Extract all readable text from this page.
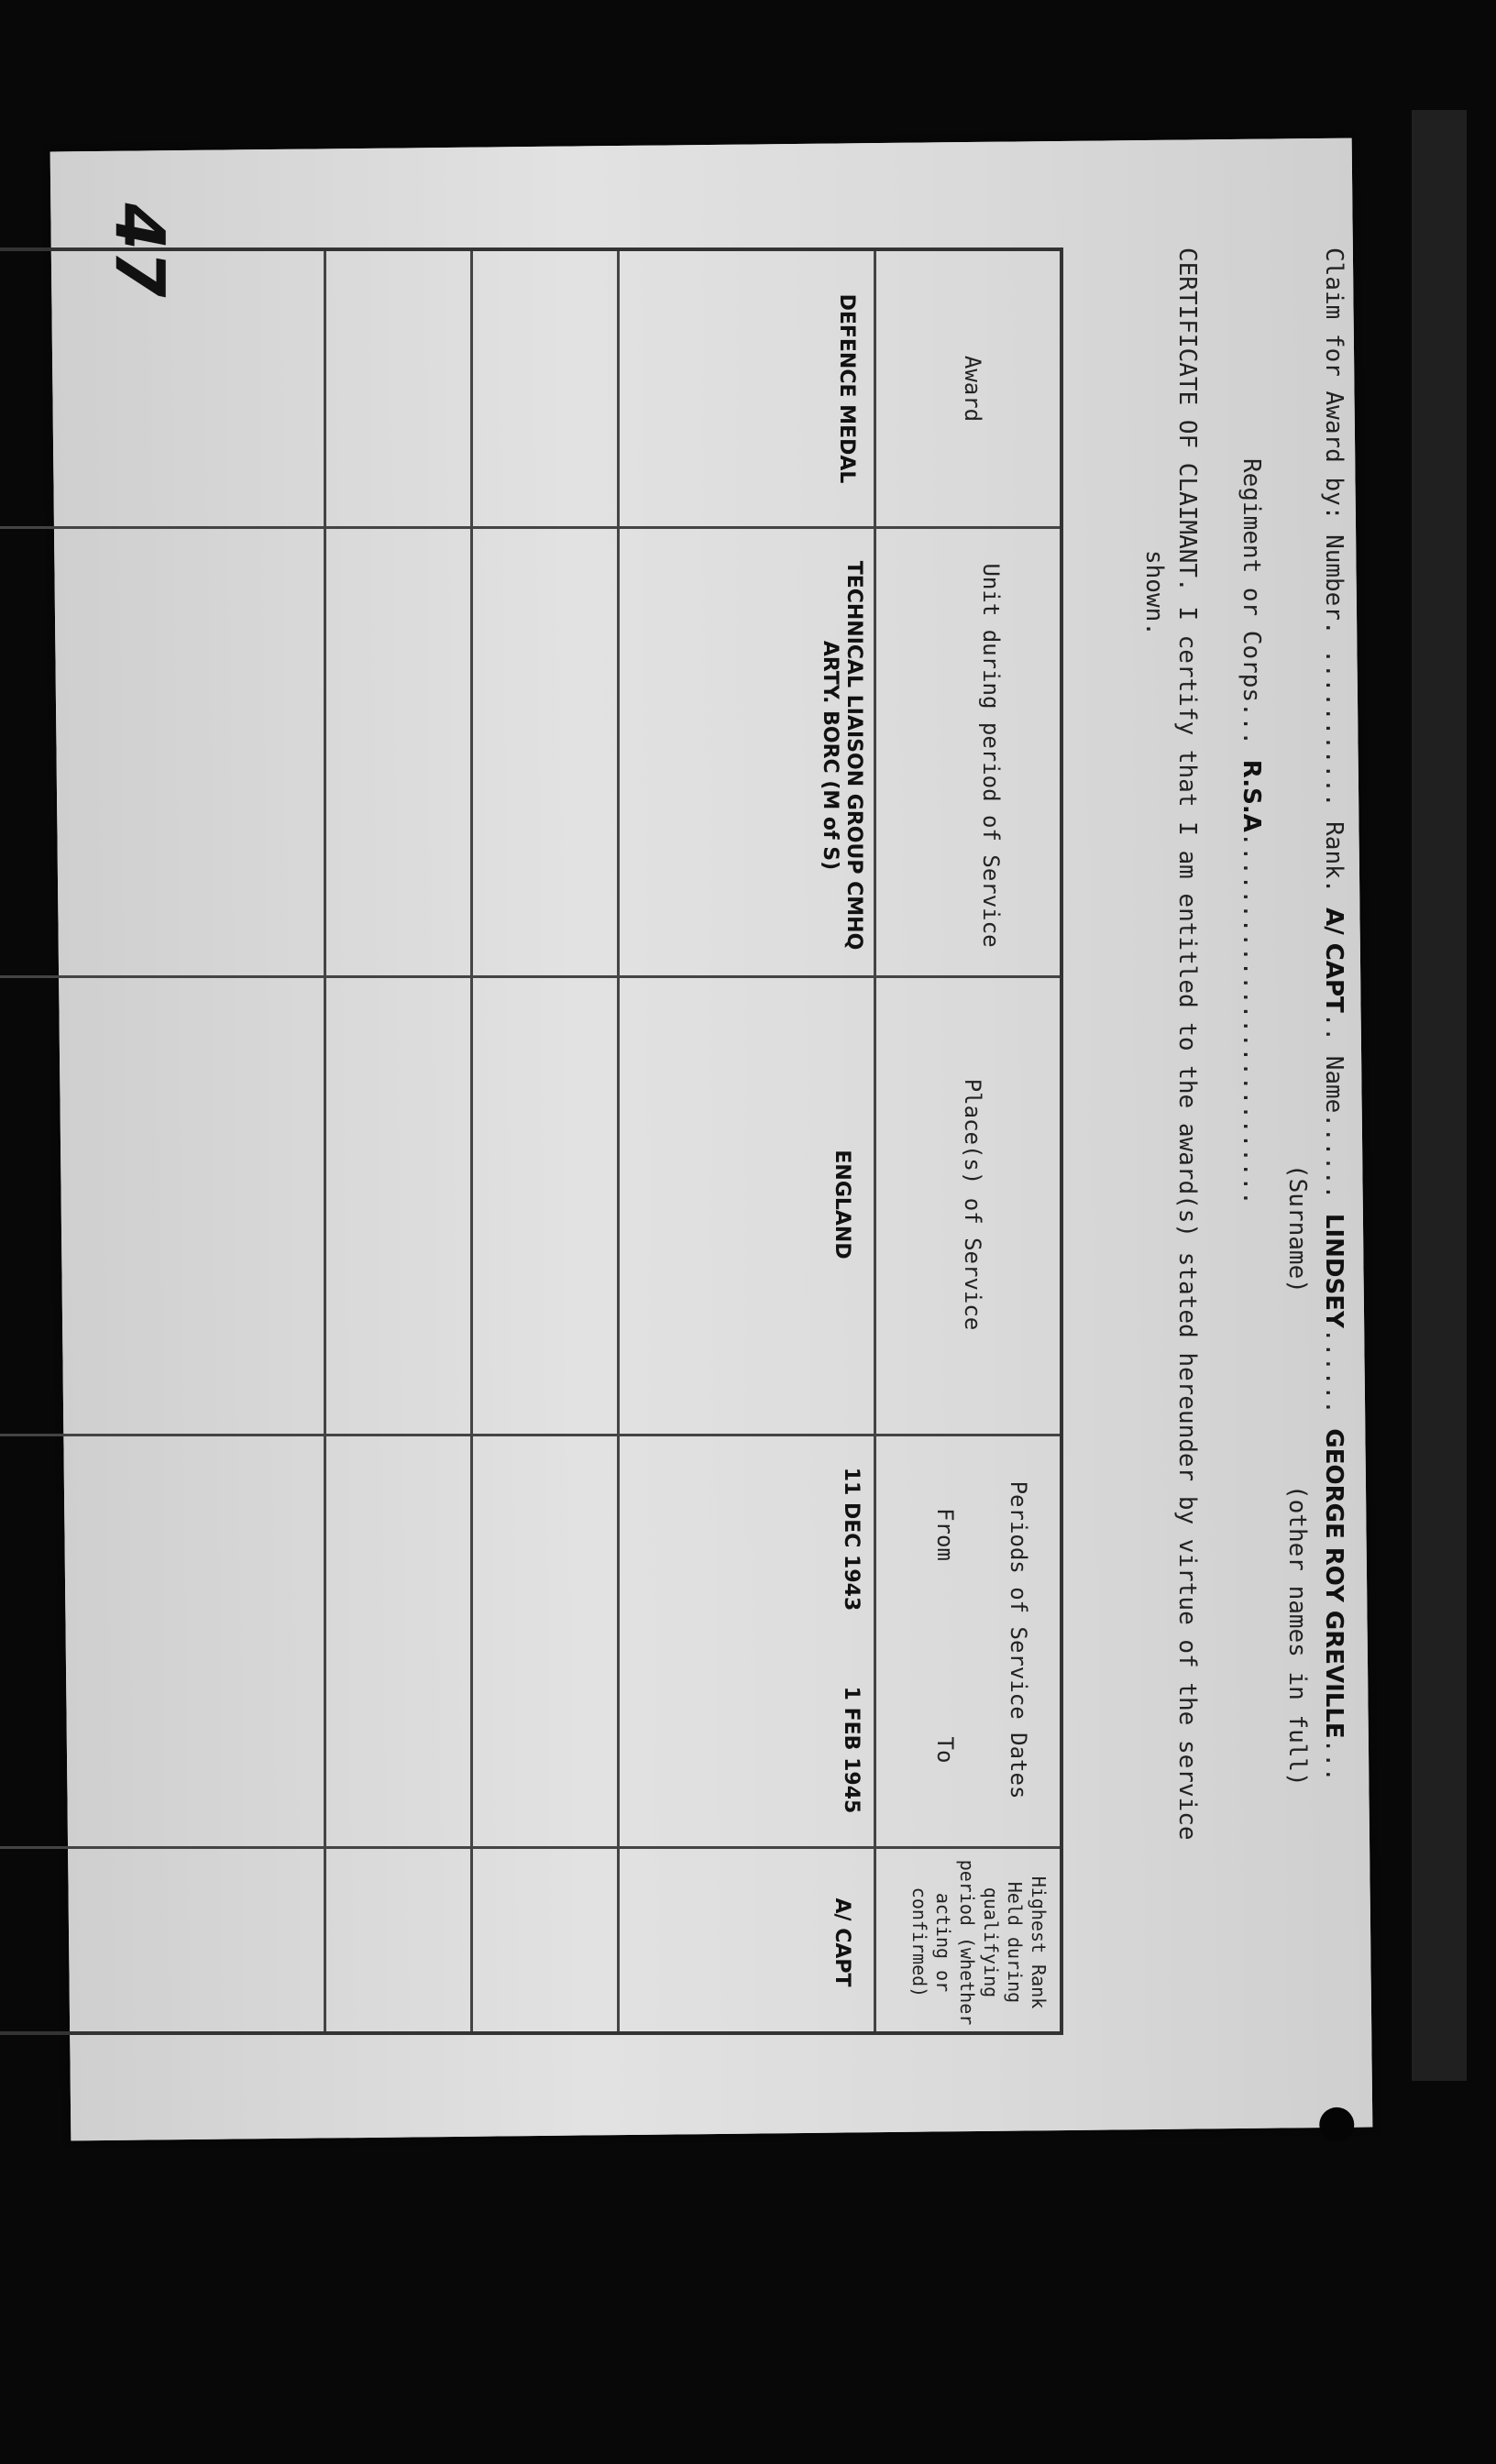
47	Claim for Award by: Number. ........... Rank. A/ CAPT.. Name...... LINDSEY...... GEORGE ROY GREVILLE...
(Surname)
(other names in full)
Regiment or Corps... R.S.A..........................
CERTIFICATE OF CLAIMANT. I certify that I am entitled to the award(s) stated hereunder by virtue of the service
shown.
Award
Unit during period of Service
Place(s) of Service
Periods of Service Dates
From
To
Highest Rank Held during qualifying period (whether acting or confirmed)
DEFENCE MEDAL
TECHNICAL LIAISON GROUP CMHQ ARTY. BORC (M of S)
ENGLAND
11 DEC 1943
1 FEB 1945
A/ CAPT
